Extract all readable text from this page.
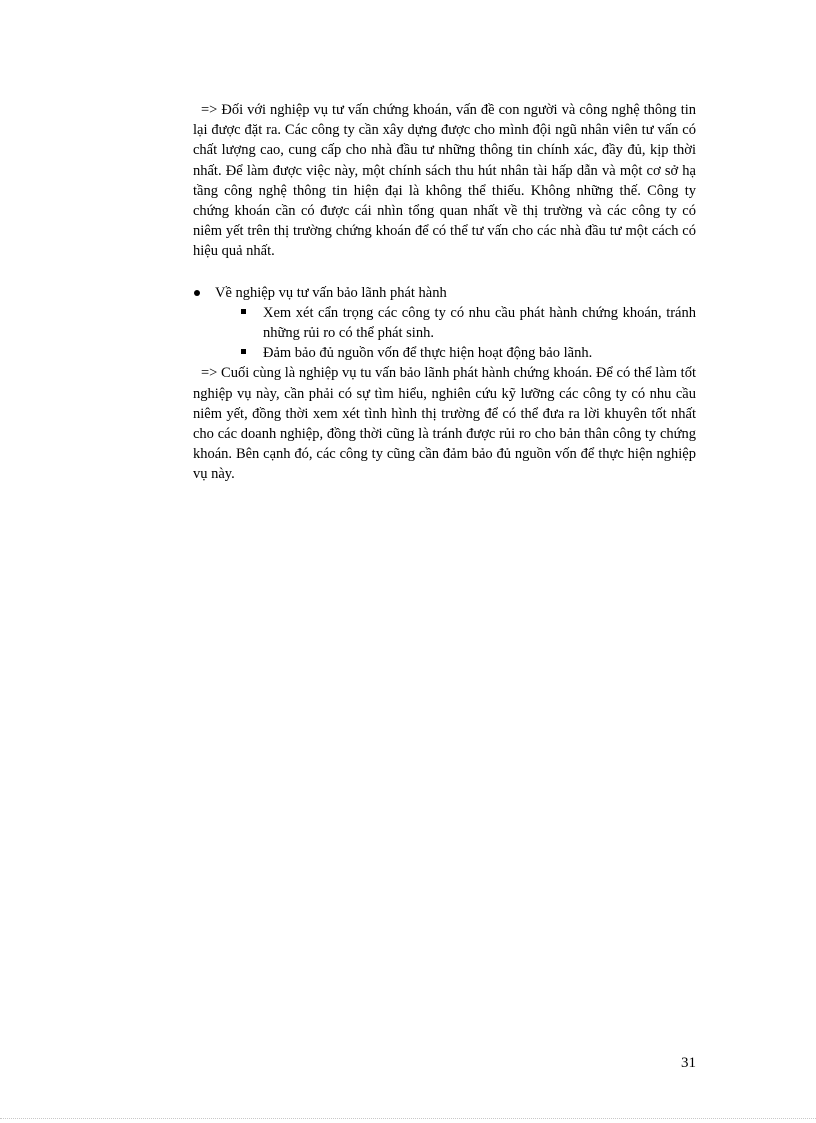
=> Đối với nghiệp vụ tư vấn chứng khoán, vấn đề con người và công nghệ thông tin lại được đặt ra. Các công ty cần xây dựng được cho mình đội ngũ nhân viên tư vấn có chất lượng cao, cung cấp cho nhà đầu tư những thông tin chính xác, đầy đủ, kịp thời nhất. Để làm được việc này, một chính sách thu hút nhân tài hấp dẫn và một cơ sở hạ tầng công nghệ thông tin hiện đại là không thể thiếu. Không những thế. Công ty chứng khoán cần có được cái nhìn tổng quan nhất về thị trường và các công ty có niêm yết trên thị trường chứng khoán để có thể tư vấn cho các nhà đầu tư một cách có hiệu quả nhất.

Về nghiệp vụ tư vấn bảo lãnh phát hành

Xem xét cẩn trọng các công ty có nhu cầu phát hành chứng khoán, tránh những rủi ro có thể phát sinh.

Đảm bảo đủ nguồn vốn để thực hiện hoạt động bảo lãnh.

=> Cuối cùng là nghiệp vụ tu vấn bảo lãnh phát hành chứng khoán. Để có thể làm tốt nghiệp vụ này, cần phải có sự tìm hiểu, nghiên cứu kỹ lưỡng các công ty có nhu cầu niêm yết, đồng thời xem xét tình hình thị trường để có thể đưa ra lời khuyên tốt nhất cho các doanh nghiệp, đồng thời cũng là tránh được rủi ro cho bản thân công ty chứng khoán. Bên cạnh đó, các công ty cũng cần đảm bảo đủ nguồn vốn để thực hiện nghiệp vụ này.

31
